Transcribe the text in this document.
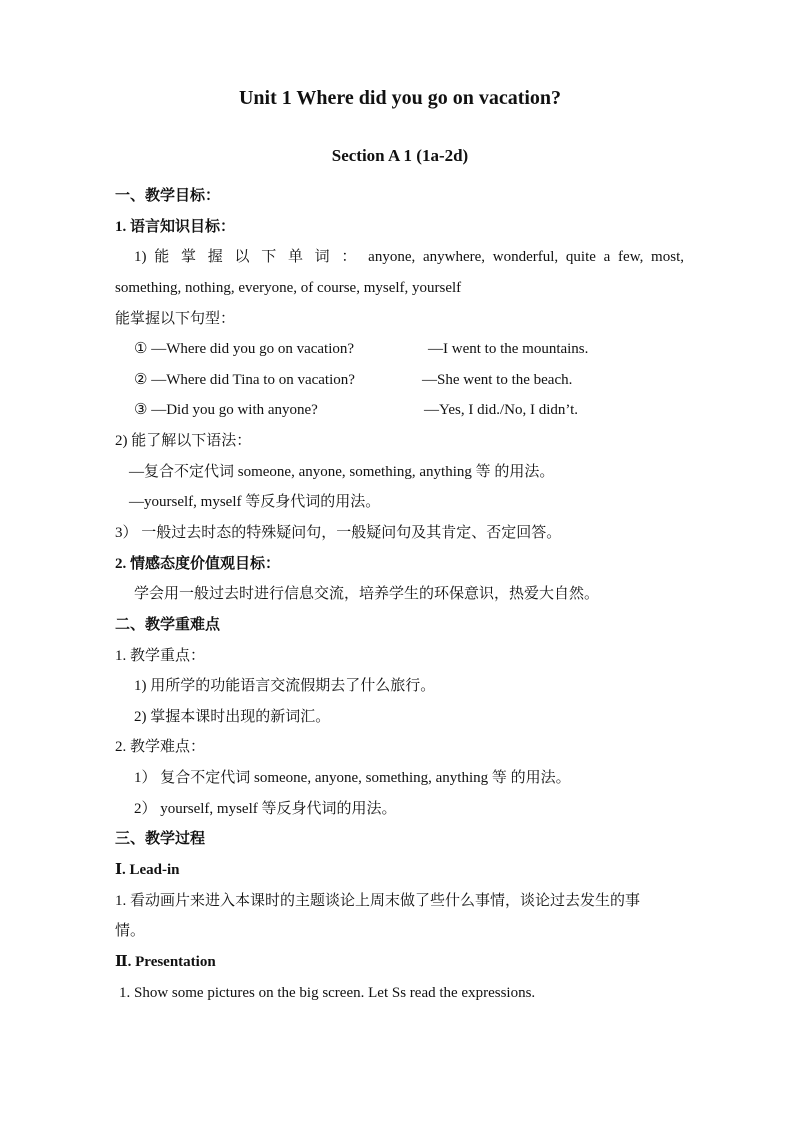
Unit 1 Where did you go on vacation?
Section A 1 (1a-2d)
一、教学目标：
1. 语言知识目标：
1) 能 掌 握 以 下 单 词 ： anyone, anywhere, wonderful, quite a few, most,
something, nothing, everyone, of course, myself, yourself
能掌握以下句型：
① —Where did you go on vacation?	—I went to the mountains.
② —Where did Tina to on vacation?	—She went to the beach.
③ —Did you go with anyone?	—Yes, I did./No, I didn’t.
2) 能了解以下语法：
—复合不定代词 someone, anyone, something, anything 等 的用法。
—yourself, myself 等反身代词的用法。
3） 一般过去时态的特殊疑问句，一般疑问句及其肯定、否定回答。
2. 情感态度价值观目标：
学会用一般过去时进行信息交流，培养学生的环保意识，热爱大自然。
二、教学重难点
1. 教学重点：
1) 用所学的功能语言交流假期去了什么旅行。
2) 掌握本课时出现的新词汇。
2. 教学难点：
1） 复合不定代词 someone, anyone, something, anything 等 的用法。
2） yourself, myself 等反身代词的用法。
三、教学过程
Ⅰ. Lead-in
1. 看动画片来进入本课时的主题谈论上周末做了些什么事情，谈论过去发生的事
情。
Ⅱ. Presentation
1. Show some pictures on the big screen. Let Ss read the expressions.
